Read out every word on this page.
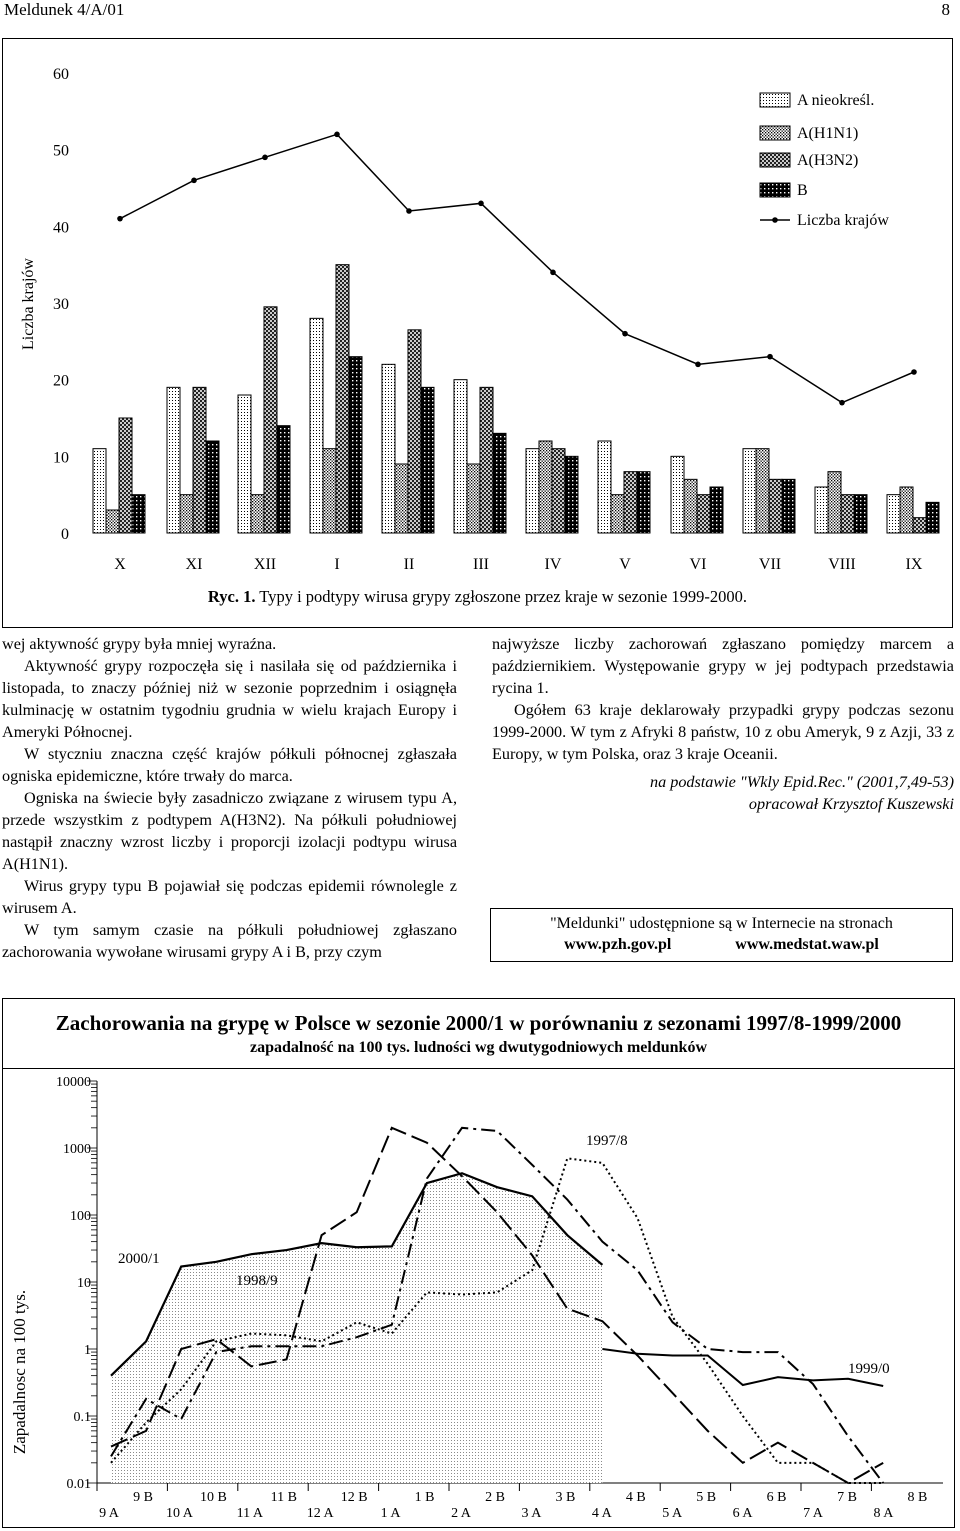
Meldunek 4/A/01	8
0
10
20
30
40
50
60
Liczba krajów
X	XI	XII	I	II	III	IV	V	VI	VII	VIII	IX
A nieokreśl.
A(H1N1)
A(H3N2)
B
Liczba krajów
Ryc. 1. Typy i podtypy wirusa grypy zgłoszone przez kraje w sezonie 1999-2000.

wej aktywność grypy była mniej wyraźna.

Aktywność grypy rozpoczęła się i nasilała się od października i listopada, to znaczy później niż w sezonie poprzednim i osiągnęła kulminację w ostatnim tygodniu grudnia w wielu krajach Europy i Ameryki Północnej.

W styczniu znaczna część krajów półkuli północnej zgłaszała ogniska epidemiczne, które trwały do marca.

Ogniska na świecie były zasadniczo związane z wirusem typu A, przede wszystkim z podtypem A(H3N2). Na półkuli południowej nastąpił znaczny wzrost liczby i proporcji izolacji podtypu wirusa A(H1N1).

Wirus grypy typu B pojawiał się podczas epidemii równolegle z wirusem A.

W tym samym czasie na półkuli południowej zgłaszano zachorowania wywołane wirusami grypy A i B, przy czym

najwyższe liczby zachorowań zgłaszano pomiędzy marcem a październikiem. Występowanie grypy w jej podtypach przedstawia rycina 1.

Ogółem 63 kraje deklarowały przypadki grypy podczas sezonu 1999-2000. W tym z Afryki 8 państw, 10 z obu Ameryk, 9 z Azji, 33 z Europy, w tym Polska, oraz 3 kraje Oceanii.

na podstawie "Wkly Epid.Rec." (2001,7,49-53)

opracował Krzysztof Kuszewski

"Meldunki" udostępnione są w Internecie na stronach
www.pzh.gov.pl	www.medstat.waw.pl
Zachorowania na grypę w Polsce w sezonie 2000/1 w porównaniu z sezonami 1997/8-1999/2000
zapadalność na 100 tys. ludności wg dwutygodniowych meldunków
0.01
0.1
1
10
100
1000
10000
Zapadalnosc na 100 tys.
9 B
9 A
10 B
10 A
11 B
11 A
12 B
12 A
1 B
1 A
2 B
2 A
3 B
3 A
4 B
4 A
5 B
5 A
6 B
6 A
7 B
7 A
8 B
8 A
2000/1
1998/9
1997/8
1999/0
